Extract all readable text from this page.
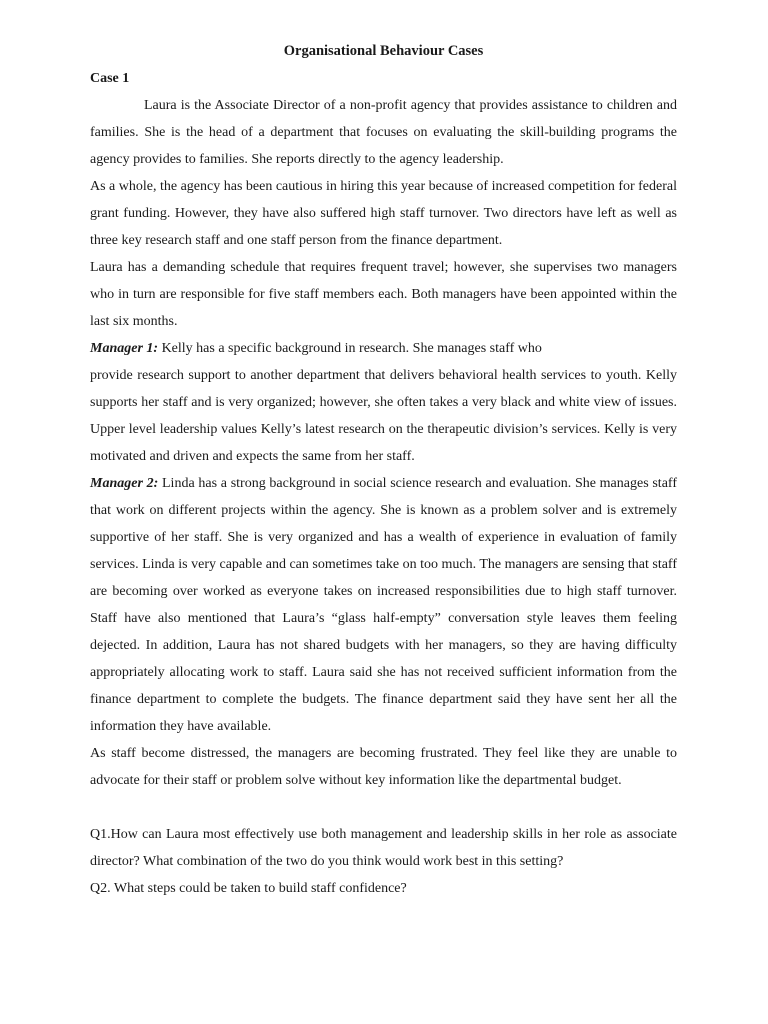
Organisational Behaviour Cases
Case 1

Laura is the Associate Director of a non-profit agency that provides assistance to children and families. She is the head of a department that focuses on evaluating the skill-building programs the agency provides to families. She reports directly to the agency leadership.

As a whole, the agency has been cautious in hiring this year because of increased competition for federal grant funding. However, they have also suffered high staff turnover. Two directors have left as well as three key research staff and one staff person from the finance department.

Laura has a demanding schedule that requires frequent travel; however, she supervises two managers who in turn are responsible for five staff members each. Both managers have been appointed within the last six months.

Manager 1: Kelly has a specific background in research. She manages staff who

provide research support to another department that delivers behavioral health services to youth. Kelly supports her staff and is very organized; however, she often takes a very black and white view of issues. Upper level leadership values Kelly’s latest research on the therapeutic division’s services. Kelly is very motivated and driven and expects the same from her staff.

Manager 2: Linda has a strong background in social science research and evaluation. She manages staff that work on different projects within the agency. She is known as a problem solver and is extremely supportive of her staff. She is very organized and has a wealth of experience in evaluation of family services. Linda is very capable and can sometimes take on too much. The managers are sensing that staff are becoming over worked as everyone takes on increased responsibilities due to high staff turnover. Staff have also mentioned that Laura’s “glass half-empty” conversation style leaves them feeling dejected. In addition, Laura has not shared budgets with her managers, so they are having difficulty appropriately allocating work to staff. Laura said she has not received sufficient information from the finance department to complete the budgets. The finance department said they have sent her all the information they have available.

As staff become distressed, the managers are becoming frustrated. They feel like they are unable to advocate for their staff or problem solve without key information like the departmental budget.

Q1.How can Laura most effectively use both management and leadership skills in her role as associate director? What combination of the two do you think would work best in this setting?

Q2. What steps could be taken to build staff confidence?
